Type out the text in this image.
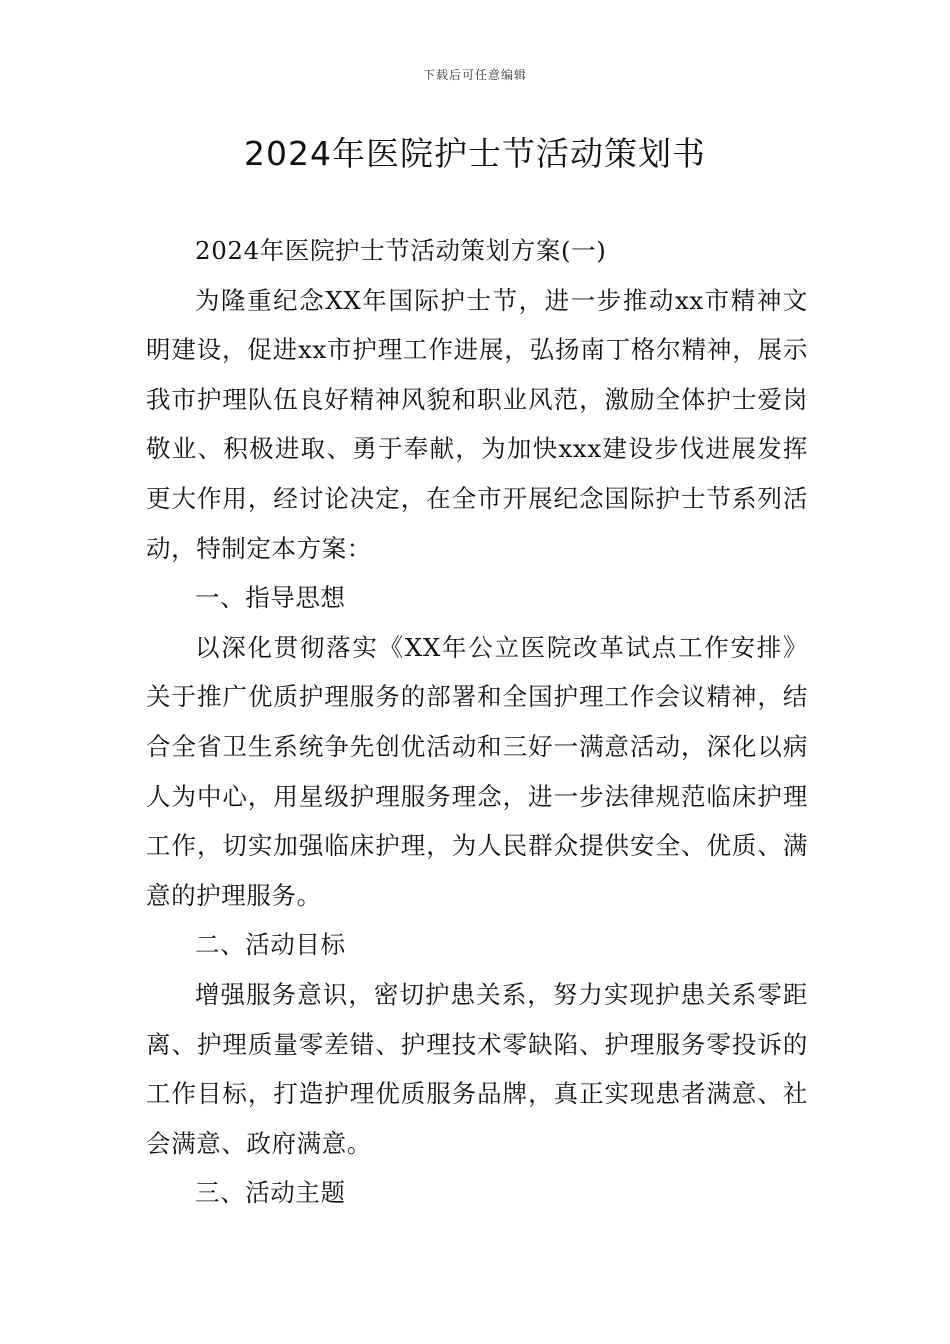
下载后可任意编辑
2024年医院护士节活动策划书

2024年医院护士节活动策划方案(一)

为隆重纪念XX年国际护士节，进一步推动xx市精神文明建设，促进xx市护理工作进展，弘扬南丁格尔精神，展示我市护理队伍良好精神风貌和职业风范，激励全体护士爱岗敬业、积极进取、勇于奉献，为加快xxx建设步伐进展发挥更大作用，经讨论决定，在全市开展纪念国际护士节系列活动，特制定本方案：

一、指导思想

以深化贯彻落实《XX年公立医院改革试点工作安排》关于推广优质护理服务的部署和全国护理工作会议精神，结合全省卫生系统争先创优活动和三好一满意活动，深化以病人为中心，用星级护理服务理念，进一步法律规范临床护理工作，切实加强临床护理，为人民群众提供安全、优质、满意的护理服务。

二、活动目标

增强服务意识，密切护患关系，努力实现护患关系零距离、护理质量零差错、护理技术零缺陷、护理服务零投诉的工作目标，打造护理优质服务品牌，真正实现患者满意、社会满意、政府满意。

三、活动主题
